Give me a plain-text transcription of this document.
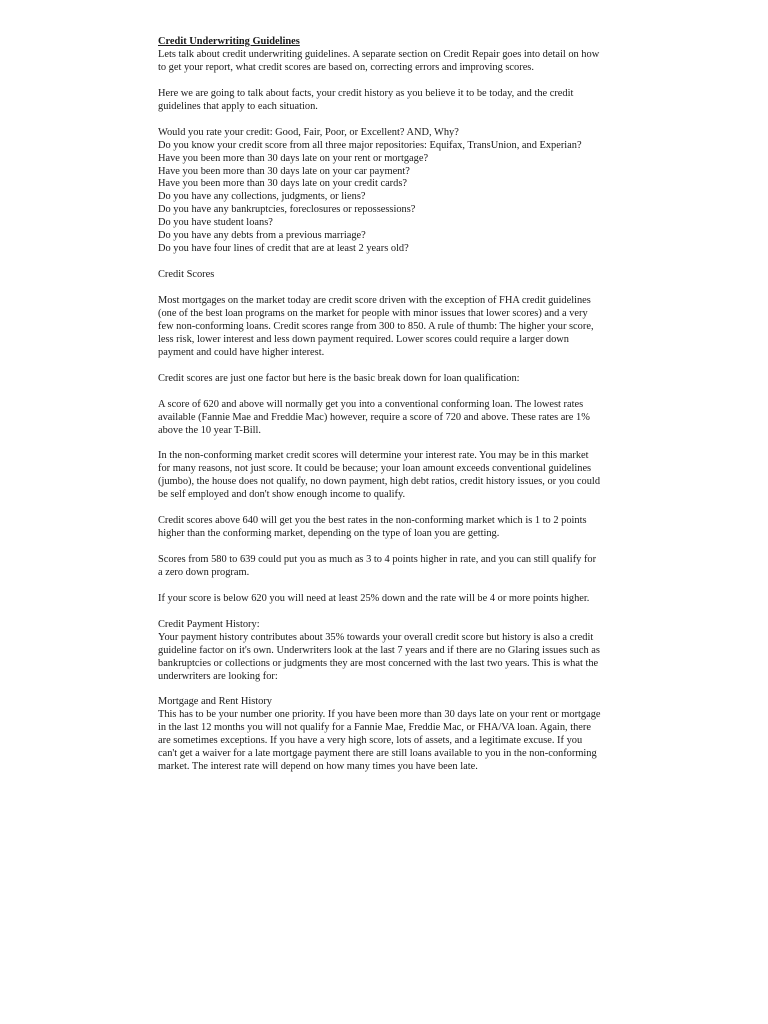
Credit Underwriting Guidelines

Lets talk about credit underwriting guidelines. A separate section on Credit Repair goes into detail on how to get your report, what credit scores are based on, correcting errors and improving scores.

Here we are going to talk about facts, your credit history as you believe it to be today, and the credit guidelines that apply to each situation.

Would you rate your credit: Good, Fair, Poor, or Excellent? AND, Why?
Do you know your credit score from all three major repositories: Equifax, TransUnion, and Experian?
Have you been more than 30 days late on your rent or mortgage?
Have you been more than 30 days late on your car payment?
Have you been more than 30 days late on your credit cards?
Do you have any collections, judgments, or liens?
Do you have any bankruptcies, foreclosures or repossessions?
Do you have student loans?
Do you have any debts from a previous marriage?
Do you have four lines of credit that are at least 2 years old?

Credit Scores

Most mortgages on the market today are credit score driven with the exception of FHA credit guidelines (one of the best loan programs on the market for people with minor issues that lower scores) and a very few non-conforming loans. Credit scores range from 300 to 850. A rule of thumb: The higher your score, less risk, lower interest and less down payment required. Lower scores could require a larger down payment and could have higher interest.

Credit scores are just one factor but here is the basic break down for loan qualification:

A score of 620 and above will normally get you into a conventional conforming loan. The lowest rates available (Fannie Mae and Freddie Mac) however, require a score of 720 and above. These rates are 1% above the 10 year T-Bill.

In the non-conforming market credit scores will determine your interest rate. You may be in this market for many reasons, not just score. It could be because; your loan amount exceeds conventional guidelines (jumbo), the house does not qualify, no down payment, high debt ratios, credit history issues, or you could be self employed and don't show enough income to qualify.

Credit scores above 640 will get you the best rates in the non-conforming market which is 1 to 2 points higher than the conforming market, depending on the type of loan you are getting.

Scores from 580 to 639 could put you as much as 3 to 4 points higher in rate, and you can still qualify for a zero down program.

If your score is below 620 you will need at least 25% down and the rate will be 4 or more points higher.

Credit Payment History:

Your payment history contributes about 35% towards your overall credit score but history is also a credit guideline factor on it's own. Underwriters look at the last 7 years and if there are no Glaring issues such as bankruptcies or collections or judgments they are most concerned with the last two years. This is what the underwriters are looking for:

Mortgage and Rent History

This has to be your number one priority. If you have been more than 30 days late on your rent or mortgage in the last 12 months you will not qualify for a Fannie Mae, Freddie Mac, or FHA/VA loan. Again, there are sometimes exceptions. If you have a very high score, lots of assets, and a legitimate excuse. If you can't get a waiver for a late mortgage payment there are still loans available to you in the non-conforming market. The interest rate will depend on how many times you have been late.
